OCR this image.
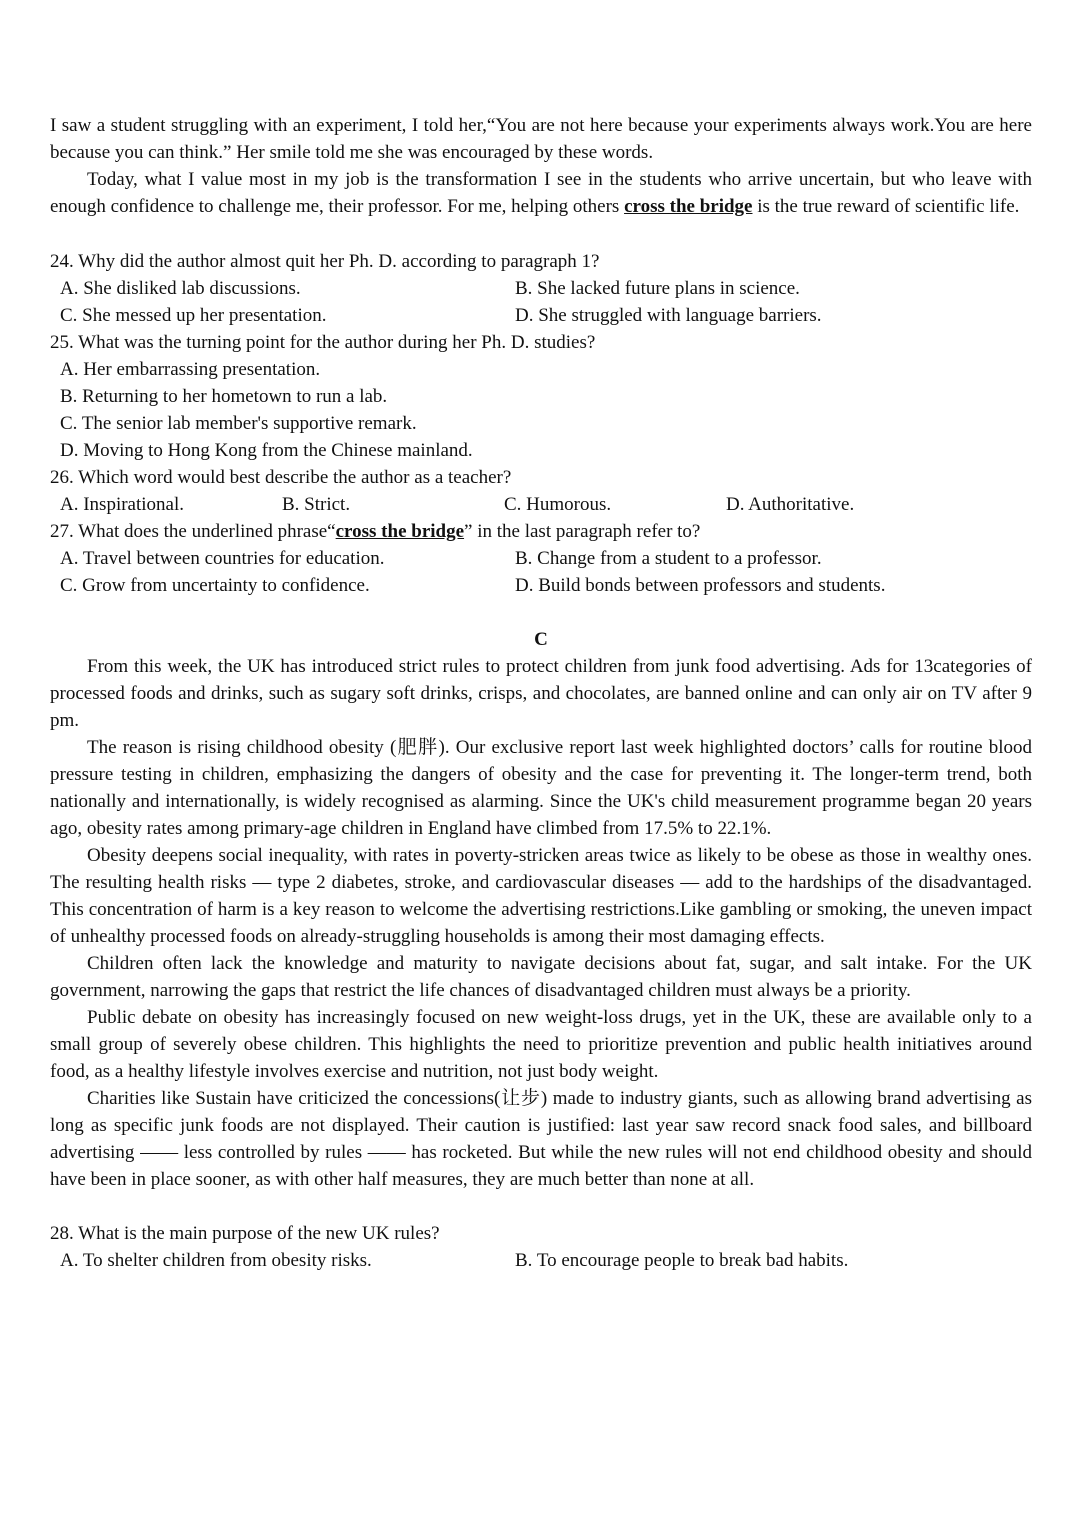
I saw a student struggling with an experiment, I told her,“You are not here because your experiments always work.You are here because you can think.” Her smile told me she was encouraged by these words.

Today, what I value most in my job is the transformation I see in the students who arrive uncertain, but who leave with enough confidence to challenge me, their professor. For me, helping others cross the bridge is the true reward of scientific life.

24. Why did the author almost quit her Ph. D. according to paragraph 1?

A. She disliked lab discussions.	B. She lacked future plans in science.
C. She messed up her presentation.	D. She struggled with language barriers.

25. What was the turning point for the author during her Ph. D. studies?

A. Her embarrassing presentation.

B. Returning to her hometown to run a lab.

C. The senior lab member's supportive remark.

D. Moving to Hong Kong from the Chinese mainland.

26. Which word would best describe the author as a teacher?

A. Inspirational.	B. Strict.	C. Humorous.	D. Authoritative.

27. What does the underlined phrase“cross the bridge” in the last paragraph refer to?

A. Travel between countries for education.	B. Change from a student to a professor.
C. Grow from uncertainty to confidence.	D. Build bonds between professors and students.

C

From this week, the UK has introduced strict rules to protect children from junk food advertising. Ads for 13categories of processed foods and drinks, such as sugary soft drinks, crisps, and chocolates, are banned online and can only air on TV after 9 pm.

The reason is rising childhood obesity (肥胖). Our exclusive report last week highlighted doctors’ calls for routine blood pressure testing in children, emphasizing the dangers of obesity and the case for preventing it. The longer-term trend, both nationally and internationally, is widely recognised as alarming. Since the UK's child measurement programme began 20 years ago, obesity rates among primary-age children in England have climbed from 17.5% to 22.1%.

Obesity deepens social inequality, with rates in poverty-stricken areas twice as likely to be obese as those in wealthy ones. The resulting health risks — type 2 diabetes, stroke, and cardiovascular diseases — add to the hardships of the disadvantaged. This concentration of harm is a key reason to welcome the advertising restrictions.Like gambling or smoking, the uneven impact of unhealthy processed foods on already-struggling households is among their most damaging effects.

Children often lack the knowledge and maturity to navigate decisions about fat, sugar, and salt intake. For the UK government, narrowing the gaps that restrict the life chances of disadvantaged children must always be a priority.

Public debate on obesity has increasingly focused on new weight-loss drugs, yet in the UK, these are available only to a small group of severely obese children. This highlights the need to prioritize prevention and public health initiatives around food, as a healthy lifestyle involves exercise and nutrition, not just body weight.

Charities like Sustain have criticized the concessions(让步) made to industry giants, such as allowing brand advertising as long as specific junk foods are not displayed. Their caution is justified: last year saw record snack food sales, and billboard advertising —— less controlled by rules —— has rocketed. But while the new rules will not end childhood obesity and should have been in place sooner, as with other half measures, they are much better than none at all.

28. What is the main purpose of the new UK rules?

A. To shelter children from obesity risks.	B. To encourage people to break bad habits.
